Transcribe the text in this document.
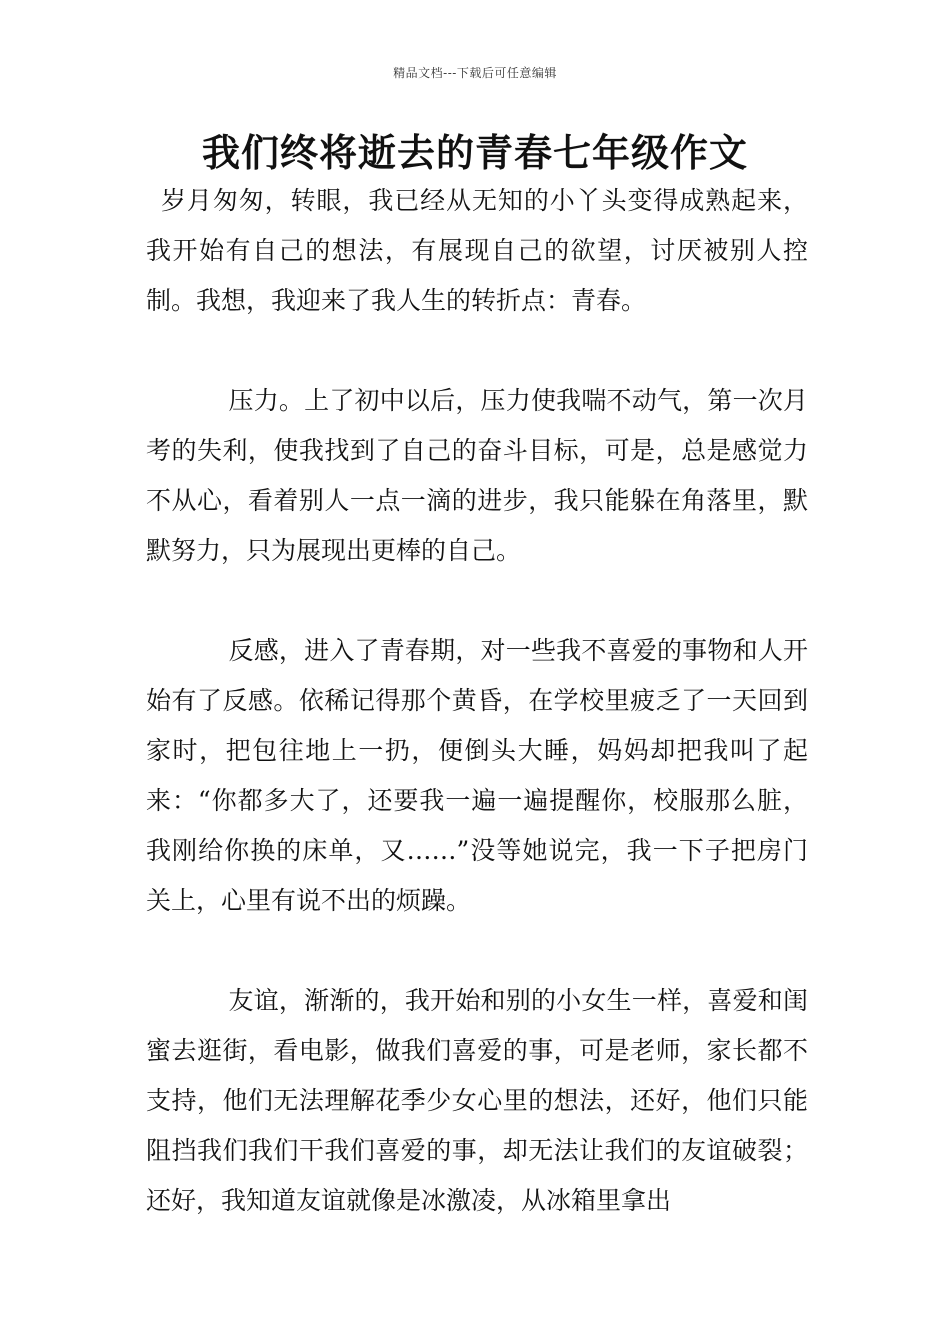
精品文档---下载后可任意编辑
我们终将逝去的青春七年级作文

岁月匆匆，转眼，我已经从无知的小丫头变得成熟起来，我开始有自己的想法，有展现自己的欲望，讨厌被别人控制。我想，我迎来了我人生的转折点：青春。

压力。上了初中以后，压力使我喘不动气，第一次月考的失利，使我找到了自己的奋斗目标，可是，总是感觉力不从心，看着别人一点一滴的进步，我只能躲在角落里，默默努力，只为展现出更棒的自己。

反感，进入了青春期，对一些我不喜爱的事物和人开始有了反感。依稀记得那个黄昏，在学校里疲乏了一天回到家时，把包往地上一扔，便倒头大睡，妈妈却把我叫了起来：“你都多大了，还要我一遍一遍提醒你，校服那么脏，我刚给你换的床单，又……”没等她说完，我一下子把房门关上，心里有说不出的烦躁。

友谊，渐渐的，我开始和别的小女生一样，喜爱和闺蜜去逛街，看电影，做我们喜爱的事，可是老师，家长都不支持，他们无法理解花季少女心里的想法，还好，他们只能阻挡我们我们干我们喜爱的事，却无法让我们的友谊破裂；还好，我知道友谊就像是冰激凌，从冰箱里拿出
